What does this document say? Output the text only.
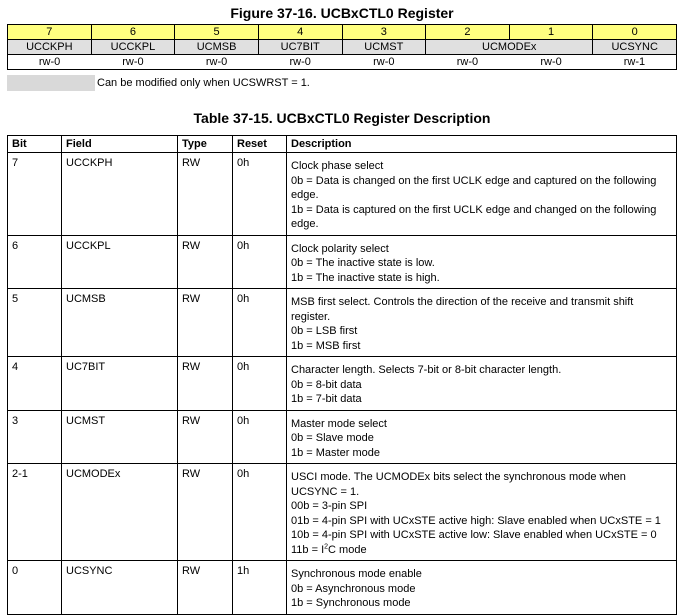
Figure 37-16. UCBxCTL0 Register
7	6	5	4	3	2	1	0
UCCKPH	UCCKPL	UCMSB	UC7BIT	UCMST	UCMODEx		UCSYNC
rw-0	rw-0	rw-0	rw-0	rw-0	rw-0	rw-0	rw-1
Can be modified only when UCSWRST = 1.
Table 37-15. UCBxCTL0 Register Description
Bit	Field	Type	Reset	Description
7	UCCKPH	RW	0h	Clock phase select

0b = Data is changed on the first UCLK edge and captured on the following edge.

1b = Data is captured on the first UCLK edge and changed on the following edge.

6	UCCKPL	RW	0h	Clock polarity select

0b = The inactive state is low.

1b = The inactive state is high.

5	UCMSB	RW	0h	MSB first select. Controls the direction of the receive and transmit shift register.

0b = LSB first

1b = MSB first

4	UC7BIT	RW	0h	Character length. Selects 7-bit or 8-bit character length.

0b = 8-bit data

1b = 7-bit data

3	UCMST	RW	0h	Master mode select

0b = Slave mode

1b = Master mode

2-1	UCMODEx	RW	0h	USCI mode. The UCMODEx bits select the synchronous mode when UCSYNC = 1.

00b = 3-pin SPI

01b = 4-pin SPI with UCxSTE active high: Slave enabled when UCxSTE = 1

10b = 4-pin SPI with UCxSTE active low: Slave enabled when UCxSTE = 0

$11b = I^2C$ mode

0	UCSYNC	RW	1h	Synchronous mode enable

0b = Asynchronous mode

1b = Synchronous mode
